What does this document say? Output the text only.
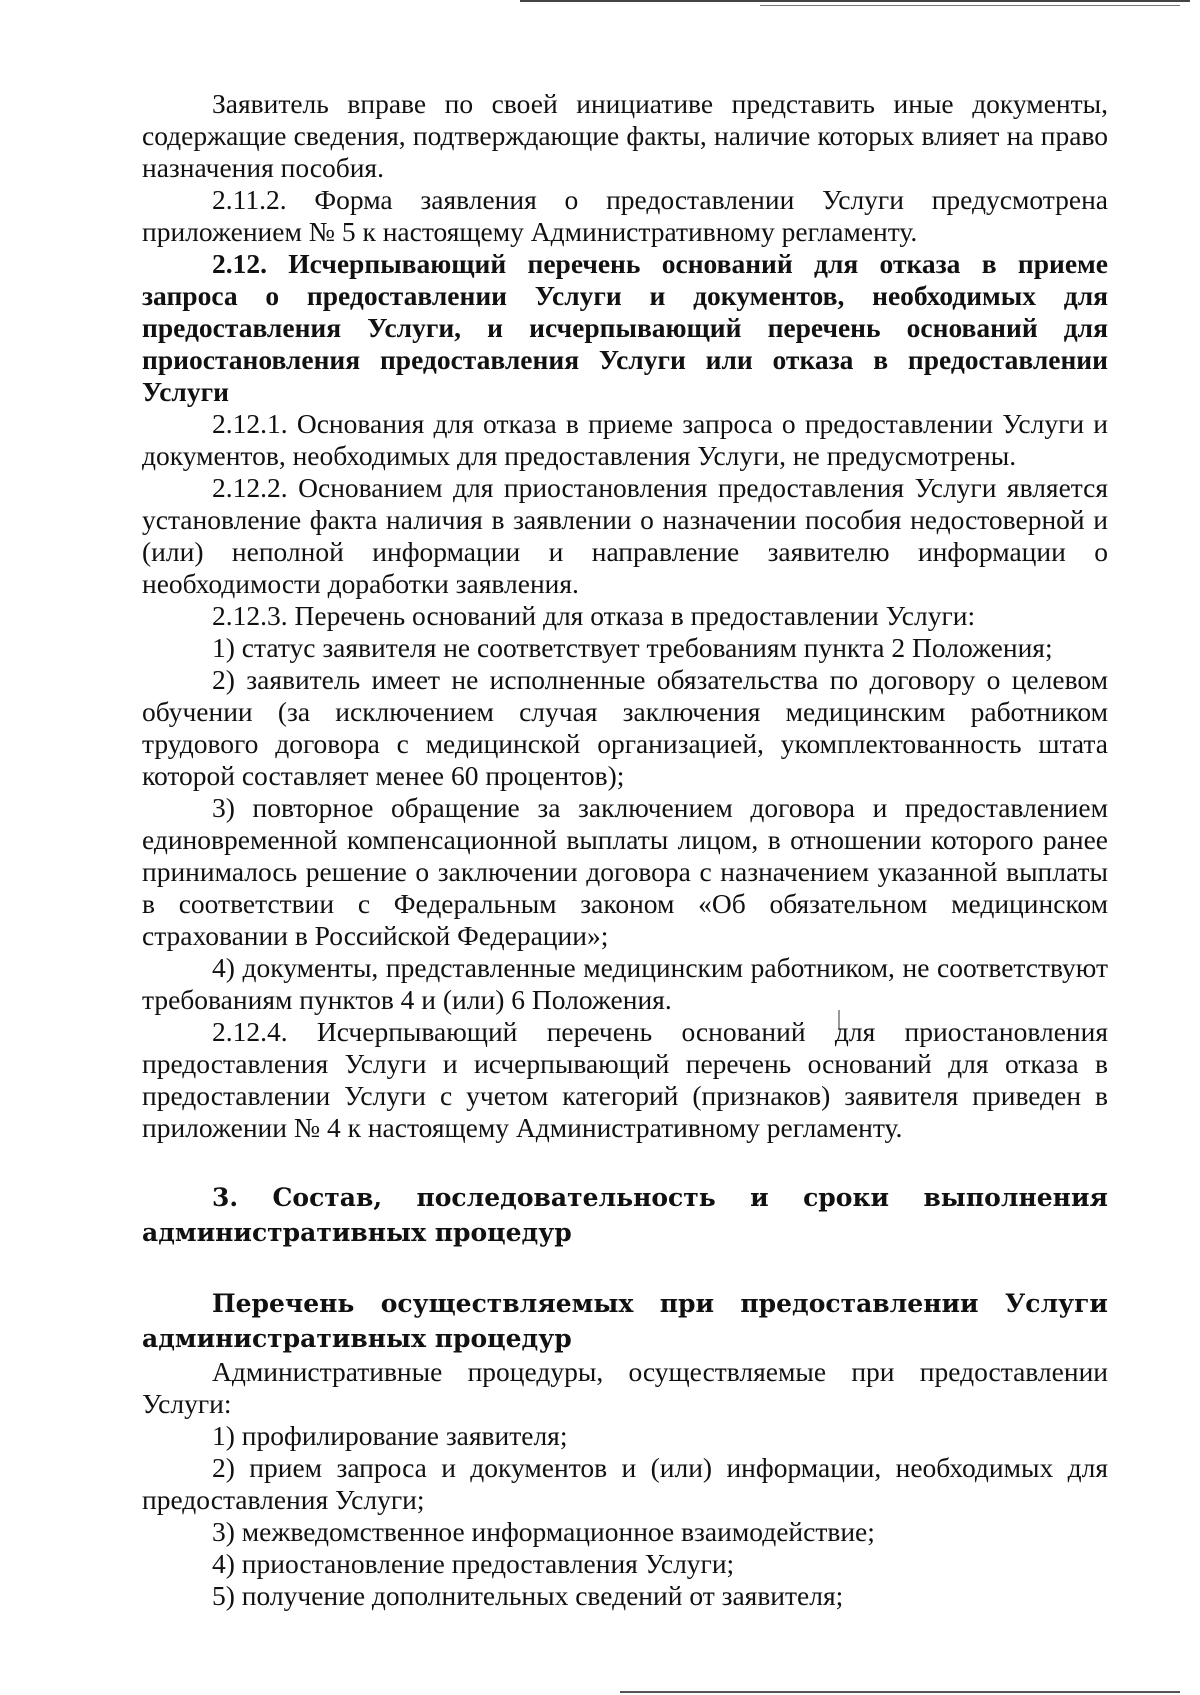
Заявитель вправе по своей инициативе представить иные документы, содержащие сведения, подтверждающие факты, наличие которых влияет на право назначения пособия.

2.11.2. Форма заявления о предоставлении Услуги предусмотрена приложением № 5 к настоящему Административному регламенту.

2.12. Исчерпывающий перечень оснований для отказа в приеме запроса о предоставлении Услуги и документов, необходимых для предоставления Услуги, и исчерпывающий перечень оснований для приостановления предоставления Услуги или отказа в предоставлении Услуги

2.12.1. Основания для отказа в приеме запроса о предоставлении Услуги и документов, необходимых для предоставления Услуги, не предусмотрены.

2.12.2. Основанием для приостановления предоставления Услуги является установление факта наличия в заявлении о назначении пособия недостоверной и (или) неполной информации и направление заявителю информации о необходимости доработки заявления.

2.12.3. Перечень оснований для отказа в предоставлении Услуги:

1) статус заявителя не соответствует требованиям пункта 2 Положения;

2) заявитель имеет не исполненные обязательства по договору о целевом обучении (за исключением случая заключения медицинским работником трудового договора с медицинской организацией, укомплектованность штата которой составляет менее 60 процентов);

3) повторное обращение за заключением договора и предоставлением единовременной компенсационной выплаты лицом, в отношении которого ранее принималось решение о заключении договора с назначением указанной выплаты в соответствии с Федеральным законом «Об обязательном медицинском страховании в Российской Федерации»;

4) документы, представленные медицинским работником, не соответствуют требованиям пунктов 4 и (или) 6 Положения.

2.12.4. Исчерпывающий перечень оснований для приостановления предоставления Услуги и исчерпывающий перечень оснований для отказа в предоставлении Услуги с учетом категорий (признаков) заявителя приведен в приложении № 4 к настоящему Административному регламенту.

3. Состав, последовательность и сроки выполнения
административных процедур
Перечень осуществляемых при предоставлении Услуги
административных процедур

Административные процедуры, осуществляемые при предоставлении Услуги:

1) профилирование заявителя;

2) прием запроса и документов и (или) информации, необходимых для предоставления Услуги;

3) межведомственное информационное взаимодействие;

4) приостановление предоставления Услуги;

5) получение дополнительных сведений от заявителя;
